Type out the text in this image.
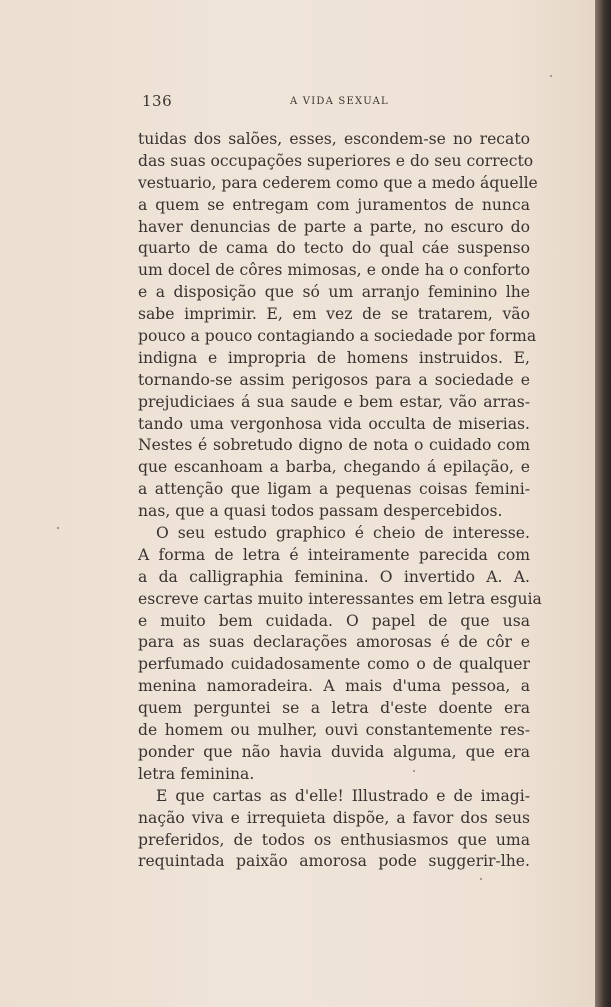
136	A VIDA SEXUAL
tuidas dos salões, esses, escondem-se no recato
das suas occupações superiores e do seu correcto
vestuario, para cederem como que a medo áquelle
a quem se entregam com juramentos de nunca
haver denuncias de parte a parte, no escuro do
quarto de cama do tecto do qual cáe suspenso
um docel de côres mimosas, e onde ha o conforto
e a disposição que só um arranjo feminino lhe
sabe imprimir. E, em vez de se tratarem, vão
pouco a pouco contagiando a sociedade por forma
indigna e impropria de homens instruidos. E,
tornando-se assim perigosos para a sociedade e
prejudiciaes á sua saude e bem estar, vão arras-
tando uma vergonhosa vida occulta de miserias.
Nestes é sobretudo digno de nota o cuidado com
que escanhoam a barba, chegando á epilação, e
a attenção que ligam a pequenas coisas femini-
nas, que a quasi todos passam despercebidos.
O seu estudo graphico é cheio de interesse.
A forma de letra é inteiramente parecida com
a da calligraphia feminina. O invertido A. A.
escreve cartas muito interessantes em letra esguia
e muito bem cuidada. O papel de que usa
para as suas declarações amorosas é de côr e
perfumado cuidadosamente como o de qualquer
menina namoradeira. A mais d'uma pessoa, a
quem perguntei se a letra d'este doente era
de homem ou mulher, ouvi constantemente res-
ponder que não havia duvida alguma, que era
letra feminina.
E que cartas as d'elle! Illustrado e de imagi-
nação viva e irrequieta dispõe, a favor dos seus
preferidos, de todos os enthusiasmos que uma
requintada paixão amorosa pode suggerir-lhe.
